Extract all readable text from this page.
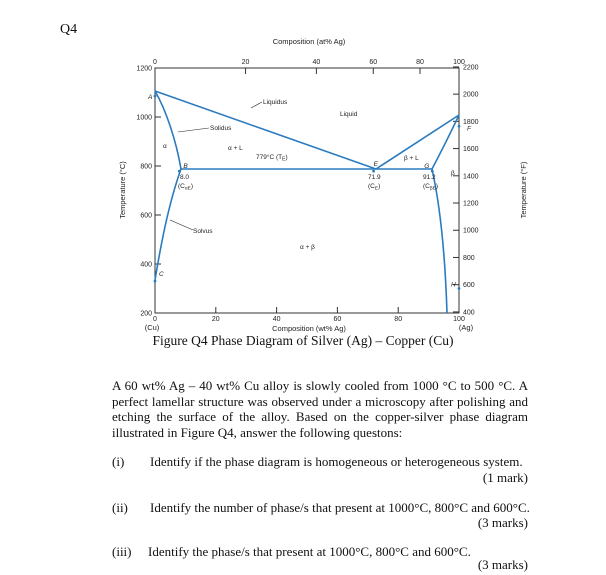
Q4
Composition (at% Ag)
Composition (wt% Ag)
(Cu)	(Ag)
Temperature (°C)	Temperature (°F)
0	20	40	60	80	100
0	20	40	60	80	100
200
400
600
800
1000
1200
400
600
800
1000
1200
1400
1600
1800
2000
2200
A
B
C
E
F
G
H
779°C $(T_E)$
8.0
$(C_{\alpha E})$
71.9
$(C_E)$
91.2
$(C_{\beta E})$
α	α + L
β + L
β
Liquid
α + β
Liquidus
Solidus
Solvus
Figure Q4 Phase Diagram of Silver (Ag) – Copper (Cu)
A 60 wt% Ag – 40 wt% Cu alloy is slowly cooled from 1000 °C to 500 °C. A perfect lamellar structure was observed under a microscopy after polishing and etching the surface of the alloy. Based on the copper-silver phase diagram illustrated in Figure Q4, answer the following questons:
(i) Identify if the phase diagram is homogeneous or heterogeneous system.
(1 mark)
(ii) Identify the number of phase/s that present at 1000°C, 800°C and 600°C.
(3 marks)
(iii) Identify the phase/s that present at 1000°C, 800°C and 600°C.
(3 marks)
